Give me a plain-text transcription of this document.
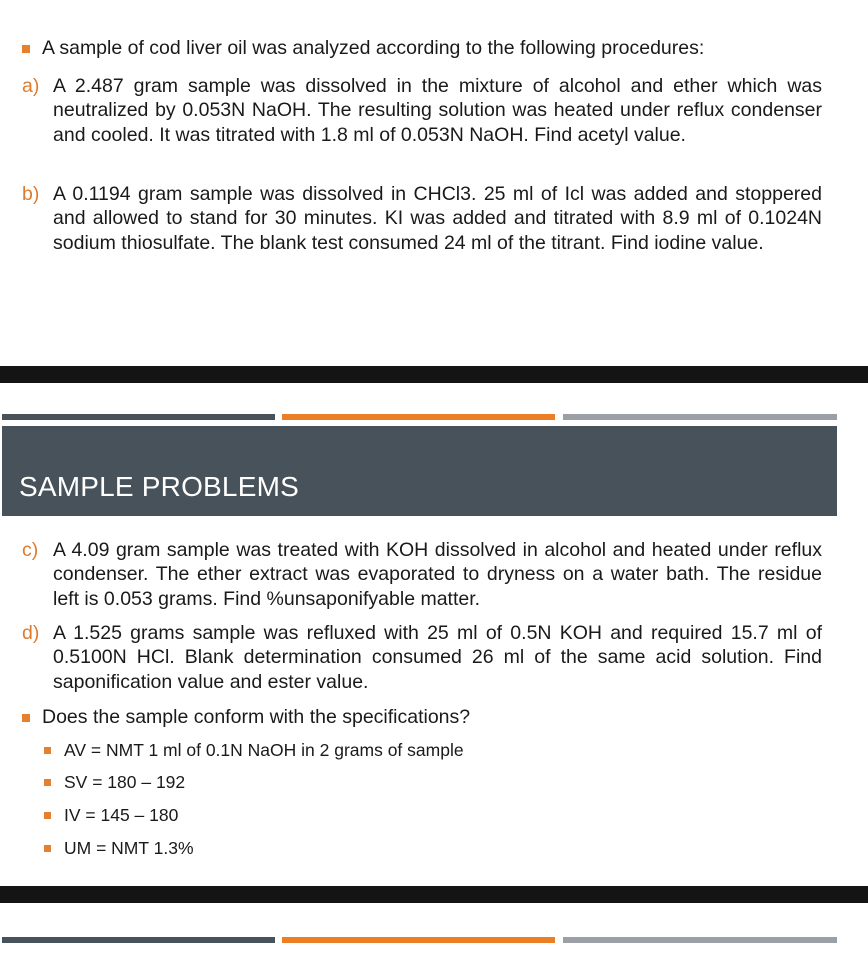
A sample of cod liver oil was analyzed according to the following procedures:
a) A 2.487 gram sample was dissolved in the mixture of alcohol and ether which was neutralized by 0.053N NaOH. The resulting solution was heated under reflux condenser and cooled. It was titrated with 1.8 ml of 0.053N NaOH. Find acetyl value.
b) A 0.1194 gram sample was dissolved in CHCl3. 25 ml of Icl was added and stoppered and allowed to stand for 30 minutes. KI was added and titrated with 8.9 ml of 0.1024N sodium thiosulfate. The blank test consumed 24 ml of the titrant. Find iodine value.
SAMPLE PROBLEMS
c) A 4.09 gram sample was treated with KOH dissolved in alcohol and heated under reflux condenser. The ether extract was evaporated to dryness on a water bath. The residue left is 0.053 grams. Find %unsaponifyable matter.
d) A 1.525 grams sample was refluxed with 25 ml of 0.5N KOH and required 15.7 ml of 0.5100N HCl. Blank determination consumed 26 ml of the same acid solution. Find saponification value and ester value.
Does the sample conform with the specifications?
AV = NMT 1 ml of 0.1N NaOH in 2 grams of sample
SV = 180 – 192
IV = 145 – 180
UM = NMT 1.3%
